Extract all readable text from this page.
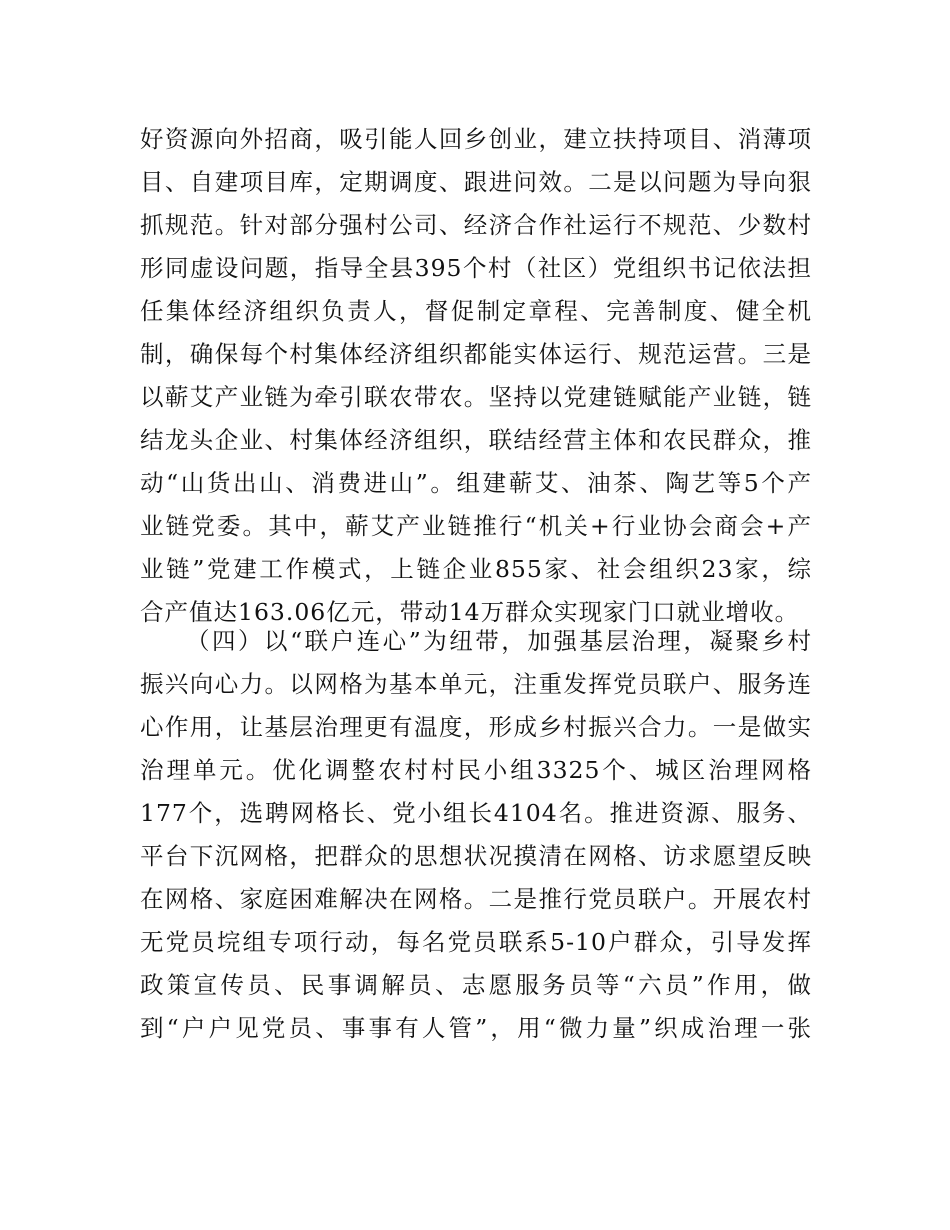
好资源向外招商，吸引能人回乡创业，建立扶持项目、消薄项
目、自建项目库，定期调度、跟进问效。二是以问题为导向狠
抓规范。针对部分强村公司、经济合作社运行不规范、少数村
形同虚设问题，指导全县395个村（社区）党组织书记依法担
任集体经济组织负责人，督促制定章程、完善制度、健全机
制，确保每个村集体经济组织都能实体运行、规范运营。三是
以蕲艾产业链为牵引联农带农。坚持以党建链赋能产业链，链
结龙头企业、村集体经济组织，联结经营主体和农民群众，推
动“山货出山、消费进山”。组建蕲艾、油茶、陶艺等5个产
业链党委。其中，蕲艾产业链推行“机关+行业协会商会+产
业链”党建工作模式，上链企业855家、社会组织23家，综
合产值达163.06亿元，带动14万群众实现家门口就业增收。
（四）以“联户连心”为纽带，加强基层治理，凝聚乡村
振兴向心力。以网格为基本单元，注重发挥党员联户、服务连
心作用，让基层治理更有温度，形成乡村振兴合力。一是做实
治理单元。优化调整农村村民小组3325个、城区治理网格
177个，选聘网格长、党小组长4104名。推进资源、服务、
平台下沉网格，把群众的思想状况摸清在网格、访求愿望反映
在网格、家庭困难解决在网格。二是推行党员联户。开展农村
无党员垸组专项行动，每名党员联系5-10户群众，引导发挥
政策宣传员、民事调解员、志愿服务员等“六员”作用，做
到“户户见党员、事事有人管”，用“微力量”织成治理一张
